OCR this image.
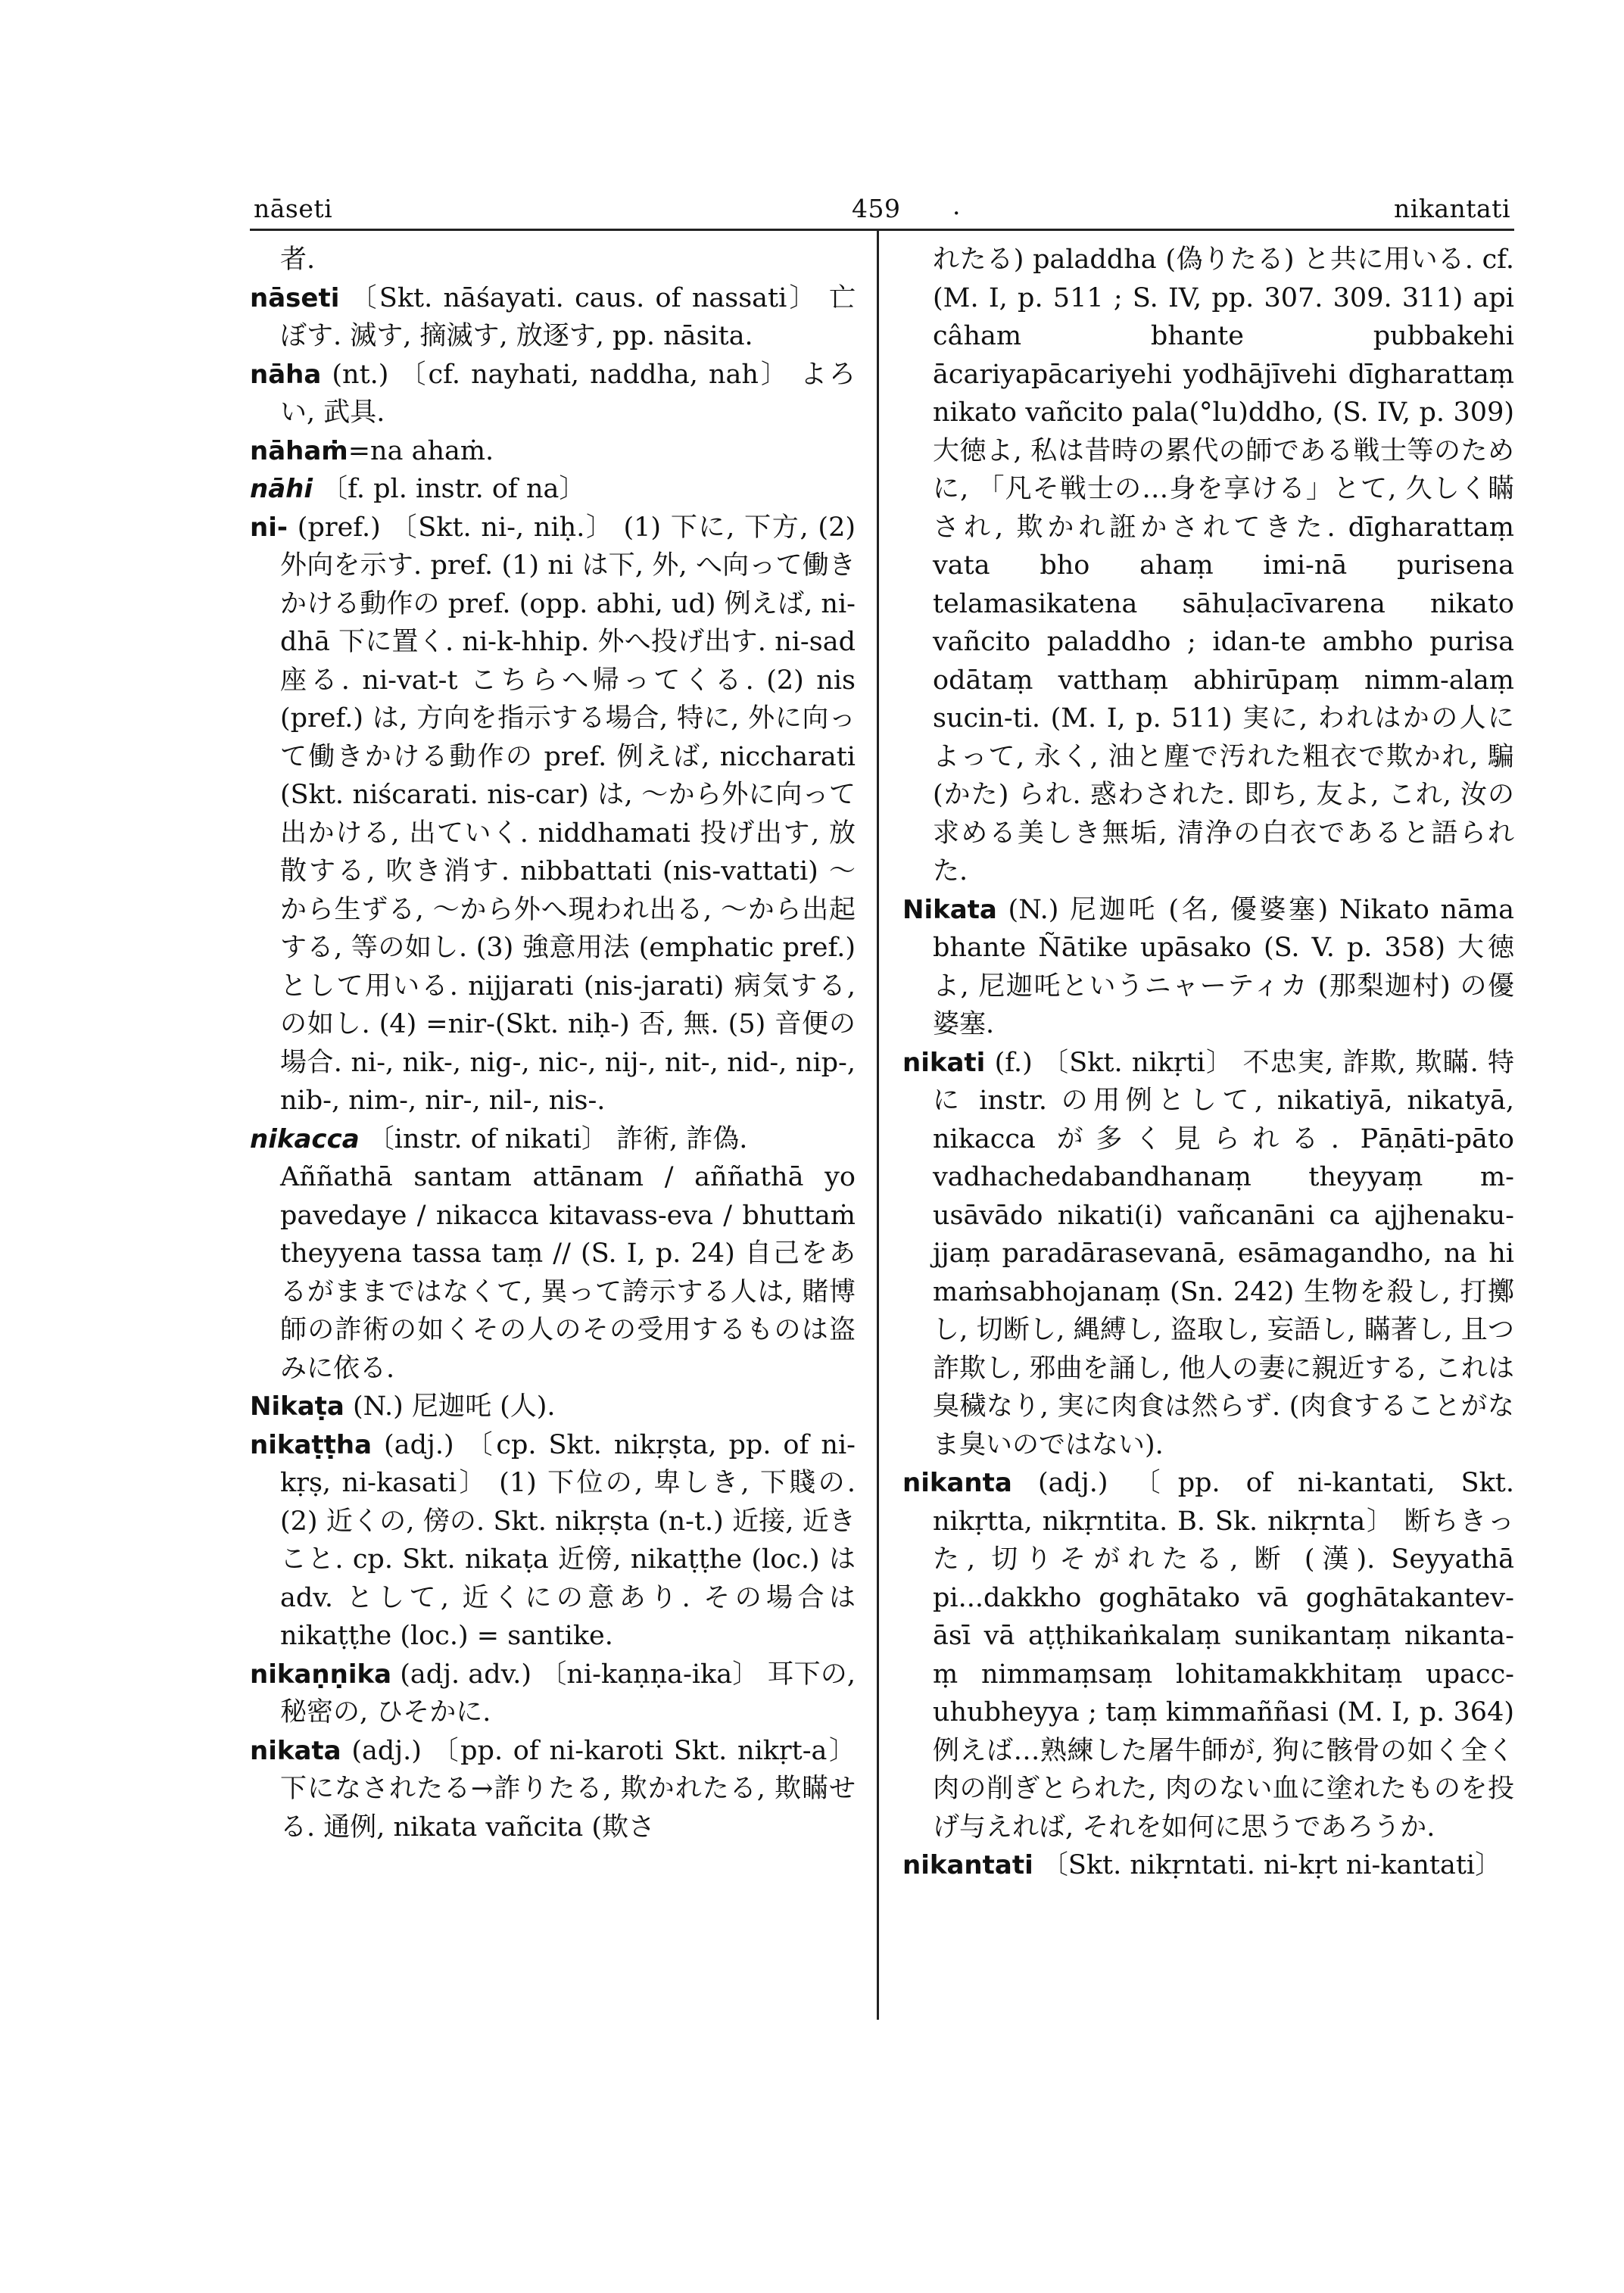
nāseti	459 ·	nikantati

者.

nāseti 〔Skt. nāśayati. caus. of nassati〕 亡ぼす. 滅す, 摘滅す, 放逐す, pp. nāsita.

nāha (nt.) 〔cf. nayhati, naddha, nah〕 よろい, 武具.

nāhaṁ=na ahaṁ.

nāhi 〔f. pl. instr. of na〕

ni- (pref.) 〔Skt. ni-, niḥ.〕 (1) 下に, 下方, (2) 外向を示す. pref. (1) ni は下, 外, へ向って働きかける動作の pref. (opp. abhi, ud) 例えば, ni-dhā 下に置く. ni-k-hhip. 外へ投げ出す. ni-sad 座る. ni-vat-t こちらへ帰ってくる. (2) nis (pref.) は, 方向を指示する場合, 特に, 外に向って働きかける動作の pref. 例えば, niccharati (Skt. niścarati. nis-car) は, ～から外に向って出かける, 出ていく. niddhamati 投げ出す, 放散する, 吹き消す. nibbattati (nis-vattati) ～から生ずる, ～から外へ現われ出る, ～から出起する, 等の如し. (3) 強意用法 (emphatic pref.) として用いる. nijjarati (nis-jarati) 病気する, の如し. (4) =nir-(Skt. niḥ-) 否, 無. (5) 音便の場合. ni-, nik-, nig-, nic-, nij-, nit-, nid-, nip-, nib-, nim-, nir-, nil-, nis-.

nikacca 〔instr. of nikati〕 詐術, 詐偽.

Aññathā santam attānam / aññathā yo pavedaye / nikacca kitavass-eva / bhuttaṁ theyyena tassa taṃ // (S. I, p. 24) 自己をあるがままではなくて, 異って誇示する人は, 賭博師の詐術の如くその人のその受用するものは盗みに依る.

Nikaṭa (N.) 尼迦吒 (人).

nikaṭṭha (adj.) 〔cp. Skt. nikṛṣta, pp. of ni-kṛṣ, ni-kasati〕 (1) 下位の, 卑しき, 下賤の. (2) 近くの, 傍の. Skt. nikṛṣta (n-t.) 近接, 近きこと. cp. Skt. nikaṭa 近傍, nikaṭṭhe (loc.) はadv. として, 近くにの意あり. その場合は nikaṭṭhe (loc.) = santike.

nikaṇṇika (adj. adv.) 〔ni-kaṇṇa-ika〕 耳下の, 秘密の, ひそかに.

nikata (adj.) 〔pp. of ni-karoti Skt. nikṛt-a〕 下になされたる→詐りたる, 欺かれたる, 欺瞞せる. 通例, nikata vañcita (欺さ

れたる) paladdha (偽りたる) と共に用いる. cf. (M. I, p. 511 ; S. IV, pp. 307. 309. 311) api câham bhante pubbakehi ācariyapācariyehi yodhājīvehi dīgharattaṃ nikato vañcito pala(°lu)ddho, (S. IV, p. 309) 大徳よ, 私は昔時の累代の師である戦士等のために, 「凡そ戦士の…身を享ける」とて, 久しく瞞され, 欺かれ誑かされてきた. dīgharattaṃ vata bho ahaṃ imi-nā purisena telamasikatena sāhuḷacīvarena nikato vañcito paladdho ; idan-te ambho purisa odātaṃ vatthaṃ abhirūpaṃ nimm-alaṃ sucin-ti. (M. I, p. 511) 実に, われはかの人によって, 永く, 油と塵で汚れた粗衣で欺かれ, 騙 (かた) られ. 惑わされた. 即ち, 友よ, これ, 汝の求める美しき無垢, 清浄の白衣であると語られた.

Nikata (N.) 尼迦吒 (名, 優婆塞) Nikato nāma bhante Ñātike upāsako (S. V. p. 358) 大徳よ, 尼迦吒というニャーティカ (那梨迦村) の優婆塞.

nikati (f.) 〔Skt. nikṛti〕 不忠実, 詐欺, 欺瞞. 特に instr. の用例として, nikatiyā, nikatyā, nikacca が多く見られる. Pāṇāti-pāto vadhachedabandhanaṃ theyyaṃ m-usāvādo nikati(i) vañcanāni ca ajjhenaku-jjaṃ paradārasevanā, esāmagandho, na hi maṁsabhojanaṃ (Sn. 242) 生物を殺し, 打擲し, 切断し, 縄縛し, 盗取し, 妄語し, 瞞著し, 且つ詐欺し, 邪曲を誦し, 他人の妻に親近する, これは臭穢なり, 実に肉食は然らず. (肉食することがなま臭いのではない).

nikanta (adj.) 〔pp. of ni-kantati, Skt. nikṛtta, nikṛntita. B. Sk. nikṛnta〕 断ちきった, 切りそがれたる, 断 (漢). Seyyathā pi...dakkho goghātako vā goghātakantev-āsī vā aṭṭhikaṅkalaṃ sunikantaṃ nikanta-ṃ nimmaṃsaṃ lohitamakkhitaṃ upacc-uhubheyya ; taṃ kimmaññasi (M. I, p. 364) 例えば…熟練した屠牛師が, 狗に骸骨の如く全く肉の削ぎとられた, 肉のない血に塗れたものを投げ与えれば, それを如何に思うであろうか.

nikantati 〔Skt. nikṛntati. ni-kṛt ni-kantati〕
